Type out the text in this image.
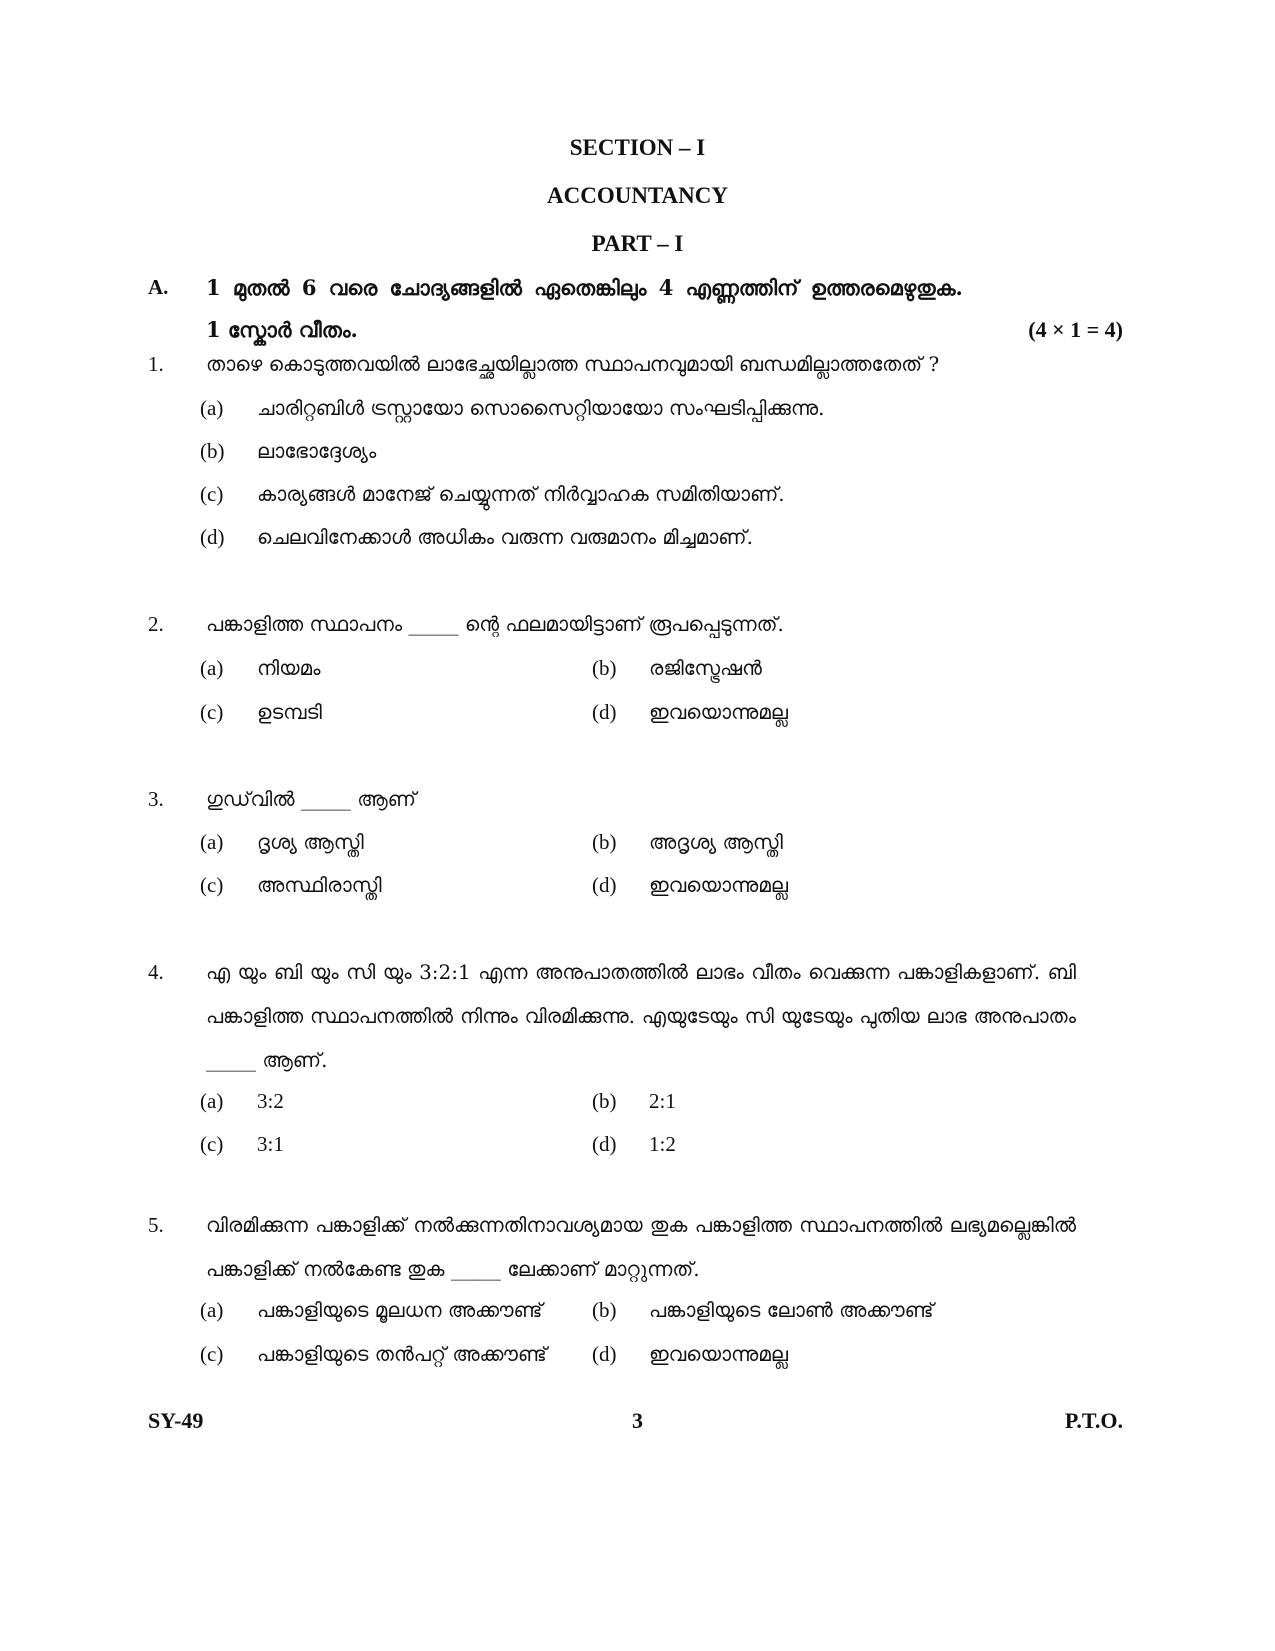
SECTION – I
ACCOUNTANCY
PART – I
A. 1 മുതൽ 6 വരെ ചോദ്യങ്ങളിൽ ഏതെങ്കിലും 4 എണ്ണത്തിന് ഉത്തരമെഴുതുക.
1 സ്കോർ വീതം.	(4 × 1 = 4)
1. താഴെ കൊടുത്തവയിൽ ലാഭേച്ഛയില്ലാത്ത സ്ഥാപനവുമായി ബന്ധമില്ലാത്തതേത് ?
(a) ചാരിറ്റബിൾ ട്രസ്റ്റായോ സൊസൈറ്റിയായോ സംഘടിപ്പിക്കുന്നു.
(b) ലാഭോദ്ദേശ്യം
(c) കാര്യങ്ങൾ മാനേജ് ചെയ്യുന്നത് നിർവ്വാഹക സമിതിയാണ്.
(d) ചെലവിനേക്കാൾ അധികം വരുന്ന വരുമാനം മിച്ചമാണ്.
2. പങ്കാളിത്ത സ്ഥാപനം _____ ന്റെ ഫലമായിട്ടാണ് രൂപപ്പെടുന്നത്.
(a) നിയമം	(b) രജിസ്ട്രേഷൻ
(c) ഉടമ്പടി	(d) ഇവയൊന്നുമല്ല
3. ഗുഡ്‌വിൽ _____ ആണ്
(a) ദൃശ്യ ആസ്തി	(b) അദൃശ്യ ആസ്തി
(c) അസ്ഥിരാസ്തി	(d) ഇവയൊന്നുമല്ല
4. എ യും ബി യും സി യും 3:2:1 എന്ന അനുപാതത്തിൽ ലാഭം വീതം വെക്കുന്ന പങ്കാളികളാണ്. ബി പങ്കാളിത്ത സ്ഥാപനത്തിൽ നിന്നും വിരമിക്കുന്നു. എയുടേയും സി യുടേയും പുതിയ ലാഭ അനുപാതം _____ ആണ്.
(a) 3:2	(b) 2:1
(c) 3:1	(d) 1:2
5. വിരമിക്കുന്ന പങ്കാളിക്ക് നൽക്കുന്നതിനാവശ്യമായ തുക പങ്കാളിത്ത സ്ഥാപനത്തിൽ ലഭ്യമല്ലെങ്കിൽ പങ്കാളിക്ക് നൽകേണ്ട തുക _____ ലേക്കാണ് മാറ്റുന്നത്.
(a) പങ്കാളിയുടെ മൂലധന അക്കൗണ്ട് (b) പങ്കാളിയുടെ ലോൺ അക്കൗണ്ട്
(c) പങ്കാളിയുടെ തൻപറ്റ് അക്കൗണ്ട് (d) ഇവയൊന്നുമല്ല
SY-49	3	P.T.O.
